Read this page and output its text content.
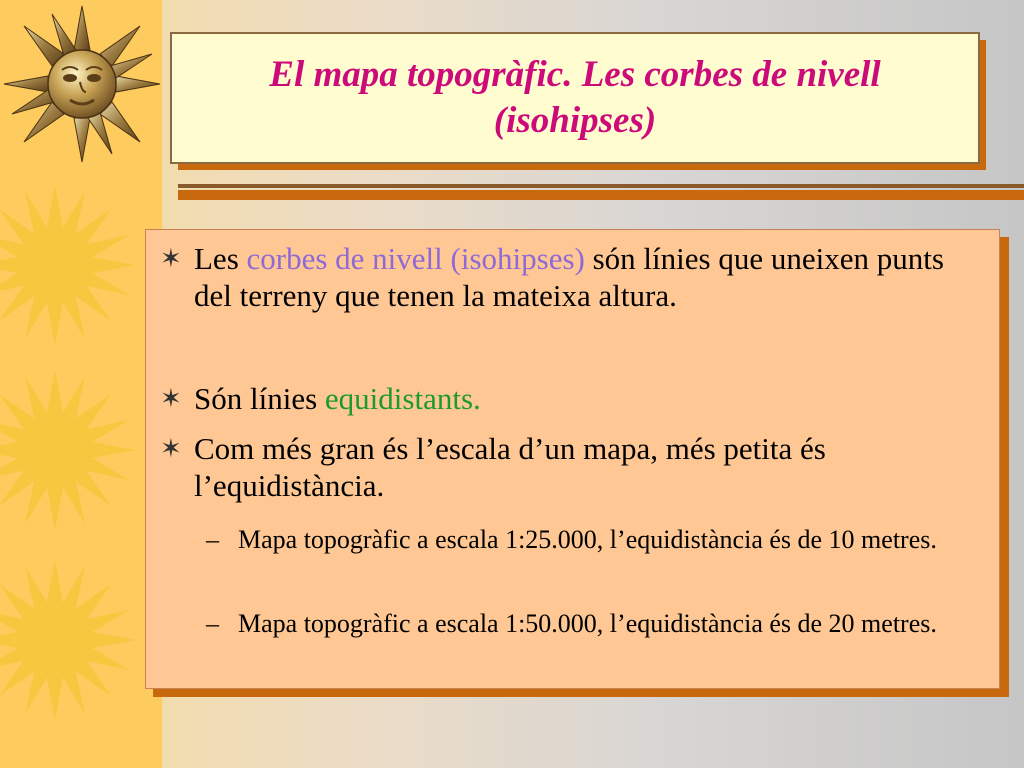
El mapa topogràfic. Les corbes de nivell (isohipses)
✶ Les corbes de nivell (isohipses) són línies que uneixen punts del terreny que tenen la mateixa altura.
✶ Són línies equidistants.
✶ Com més gran és l’escala d’un mapa, més petita és l’equidistància.
– Mapa topogràfic a escala 1:25.000, l’equidistància és de 10 metres.
– Mapa topogràfic a escala 1:50.000, l’equidistància és de 20 metres.
